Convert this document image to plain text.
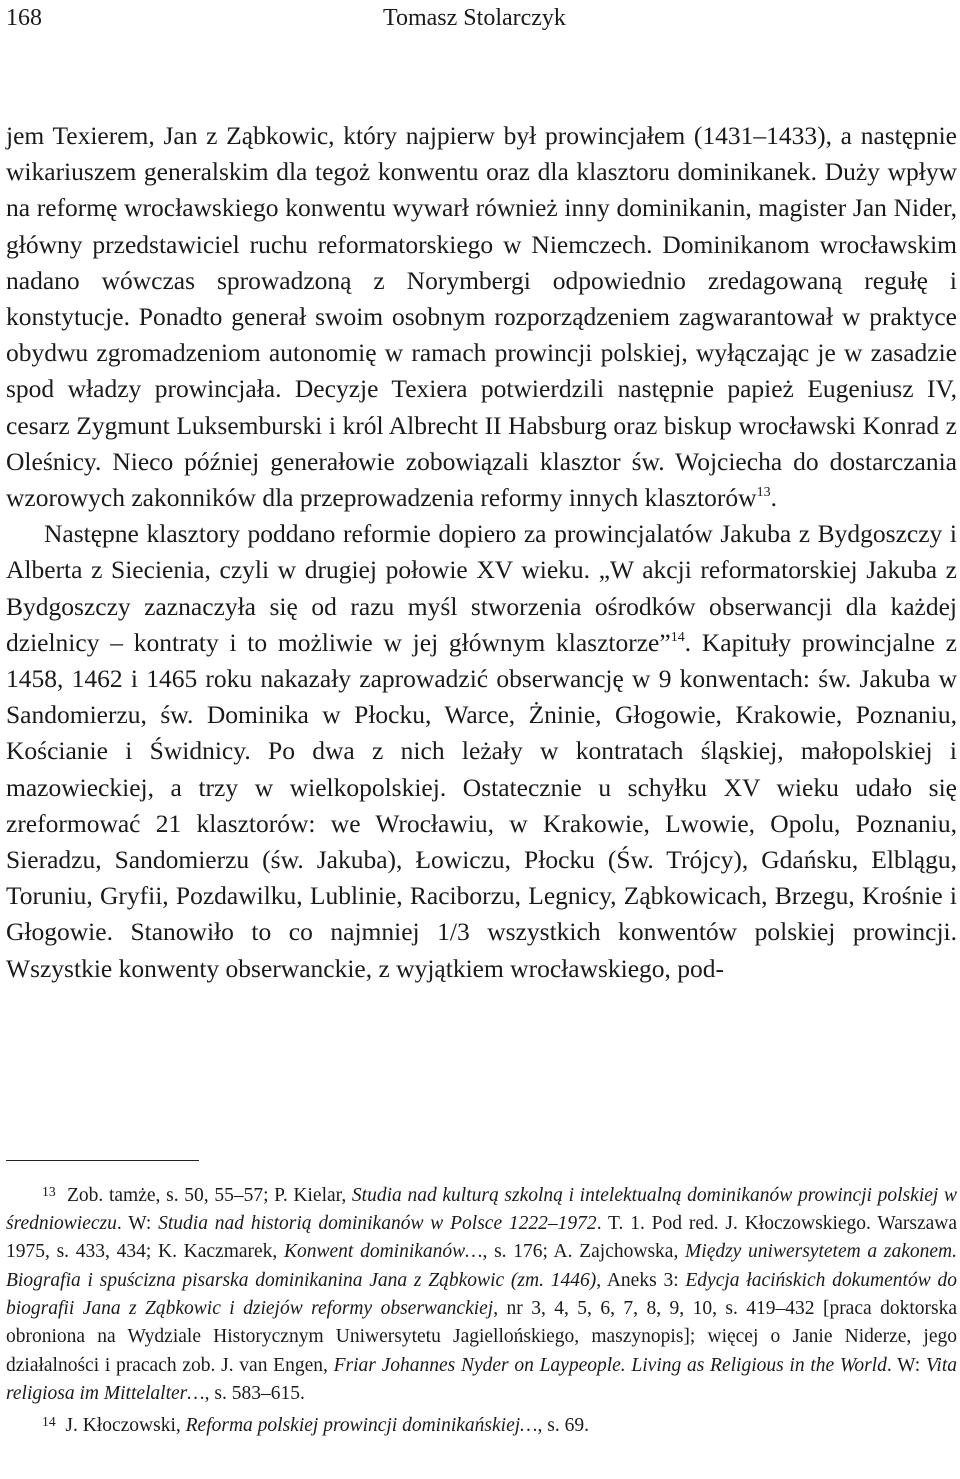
168	Tomasz Stolarczyk

jem Texierem, Jan z Ząbkowic, który najpierw był prowincjałem (1431–1433), a następnie wikariuszem generalskim dla tegoż konwentu oraz dla klasztoru dominikanek. Duży wpływ na reformę wrocławskiego konwentu wywarł również inny dominikanin, magister Jan Nider, główny przedstawiciel ruchu reformatorskiego w Niemczech. Dominikanom wrocławskim nadano wówczas sprowadzoną z Norymbergi odpowiednio zredagowaną regułę i konstytucje. Ponadto generał swoim osobnym rozporządzeniem zagwarantował w praktyce obydwu zgromadzeniom autonomię w ramach prowincji polskiej, wyłączając je w zasadzie spod władzy prowincjała. Decyzje Texiera potwierdzili następnie papież Eugeniusz IV, cesarz Zygmunt Luksemburski i król Albrecht II Habsburg oraz biskup wrocławski Konrad z Oleśnicy. Nieco później generałowie zobowiązali klasztor św. Wojciecha do dostarczania wzorowych zakonników dla przeprowadzenia reformy innych klasztorów$^{13}$.

Następne klasztory poddano reformie dopiero za prowincjalatów Jakuba z Bydgoszczy i Alberta z Siecienia, czyli w drugiej połowie XV wieku. „W akcji reformatorskiej Jakuba z Bydgoszczy zaznaczyła się od razu myśl stworzenia ośrodków obserwancji dla każdej dzielnicy – kontraty i to możliwie w jej głównym klasztorze”$^{14}$. Kapituły prowincjalne z 1458, 1462 i 1465 roku nakazały zaprowadzić obserwancję w 9 konwentach: św. Jakuba w Sandomierzu, św. Dominika w Płocku, Warce, Żninie, Głogowie, Krakowie, Poznaniu, Kościanie i Świdnicy. Po dwa z nich leżały w kontratach śląskiej, małopolskiej i mazowieckiej, a trzy w wielkopolskiej. Ostatecznie u schyłku XV wieku udało się zreformować 21 klasztorów: we Wrocławiu, w Krakowie, Lwowie, Opolu, Poznaniu, Sieradzu, Sandomierzu (św. Jakuba), Łowiczu, Płocku (Św. Trójcy), Gdańsku, Elblągu, Toruniu, Gryfii, Pozdawilku, Lublinie, Raciborzu, Legnicy, Ząbkowicach, Brzegu, Krośnie i Głogowie. Stanowiło to co najmniej 1/3 wszystkich konwentów polskiej prowincji. Wszystkie konwenty obserwanckie, z wyjątkiem wrocławskiego, pod-

$^{13}$ Zob. tamże, s. 50, 55–57; P. Kielar, Studia nad kulturą szkolną i intelektualną dominikanów prowincji polskiej w średniowieczu. W: Studia nad historią dominikanów w Polsce 1222–1972. T. 1. Pod red. J. Kłoczowskiego. Warszawa 1975, s. 433, 434; K. Kaczmarek, Konwent dominikanów…, s. 176; A. Zajchowska, Między uniwersytetem a zakonem. Biografia i spuścizna pisarska dominikanina Jana z Ząbkowic (zm. 1446), Aneks 3: Edycja łacińskich dokumentów do biografii Jana z Ząbkowic i dziejów reformy obserwanckiej, nr 3, 4, 5, 6, 7, 8, 9, 10, s. 419–432 [praca doktorska obroniona na Wydziale Historycznym Uniwersytetu Jagiellońskiego, maszynopis]; więcej o Janie Niderze, jego działalności i pracach zob. J. van Engen, Friar Johannes Nyder on Laypeople. Living as Religious in the World. W: Vita religiosa im Mittelalter…, s. 583–615.

$^{14}$ J. Kłoczowski, Reforma polskiej prowincji dominikańskiej…, s. 69.
